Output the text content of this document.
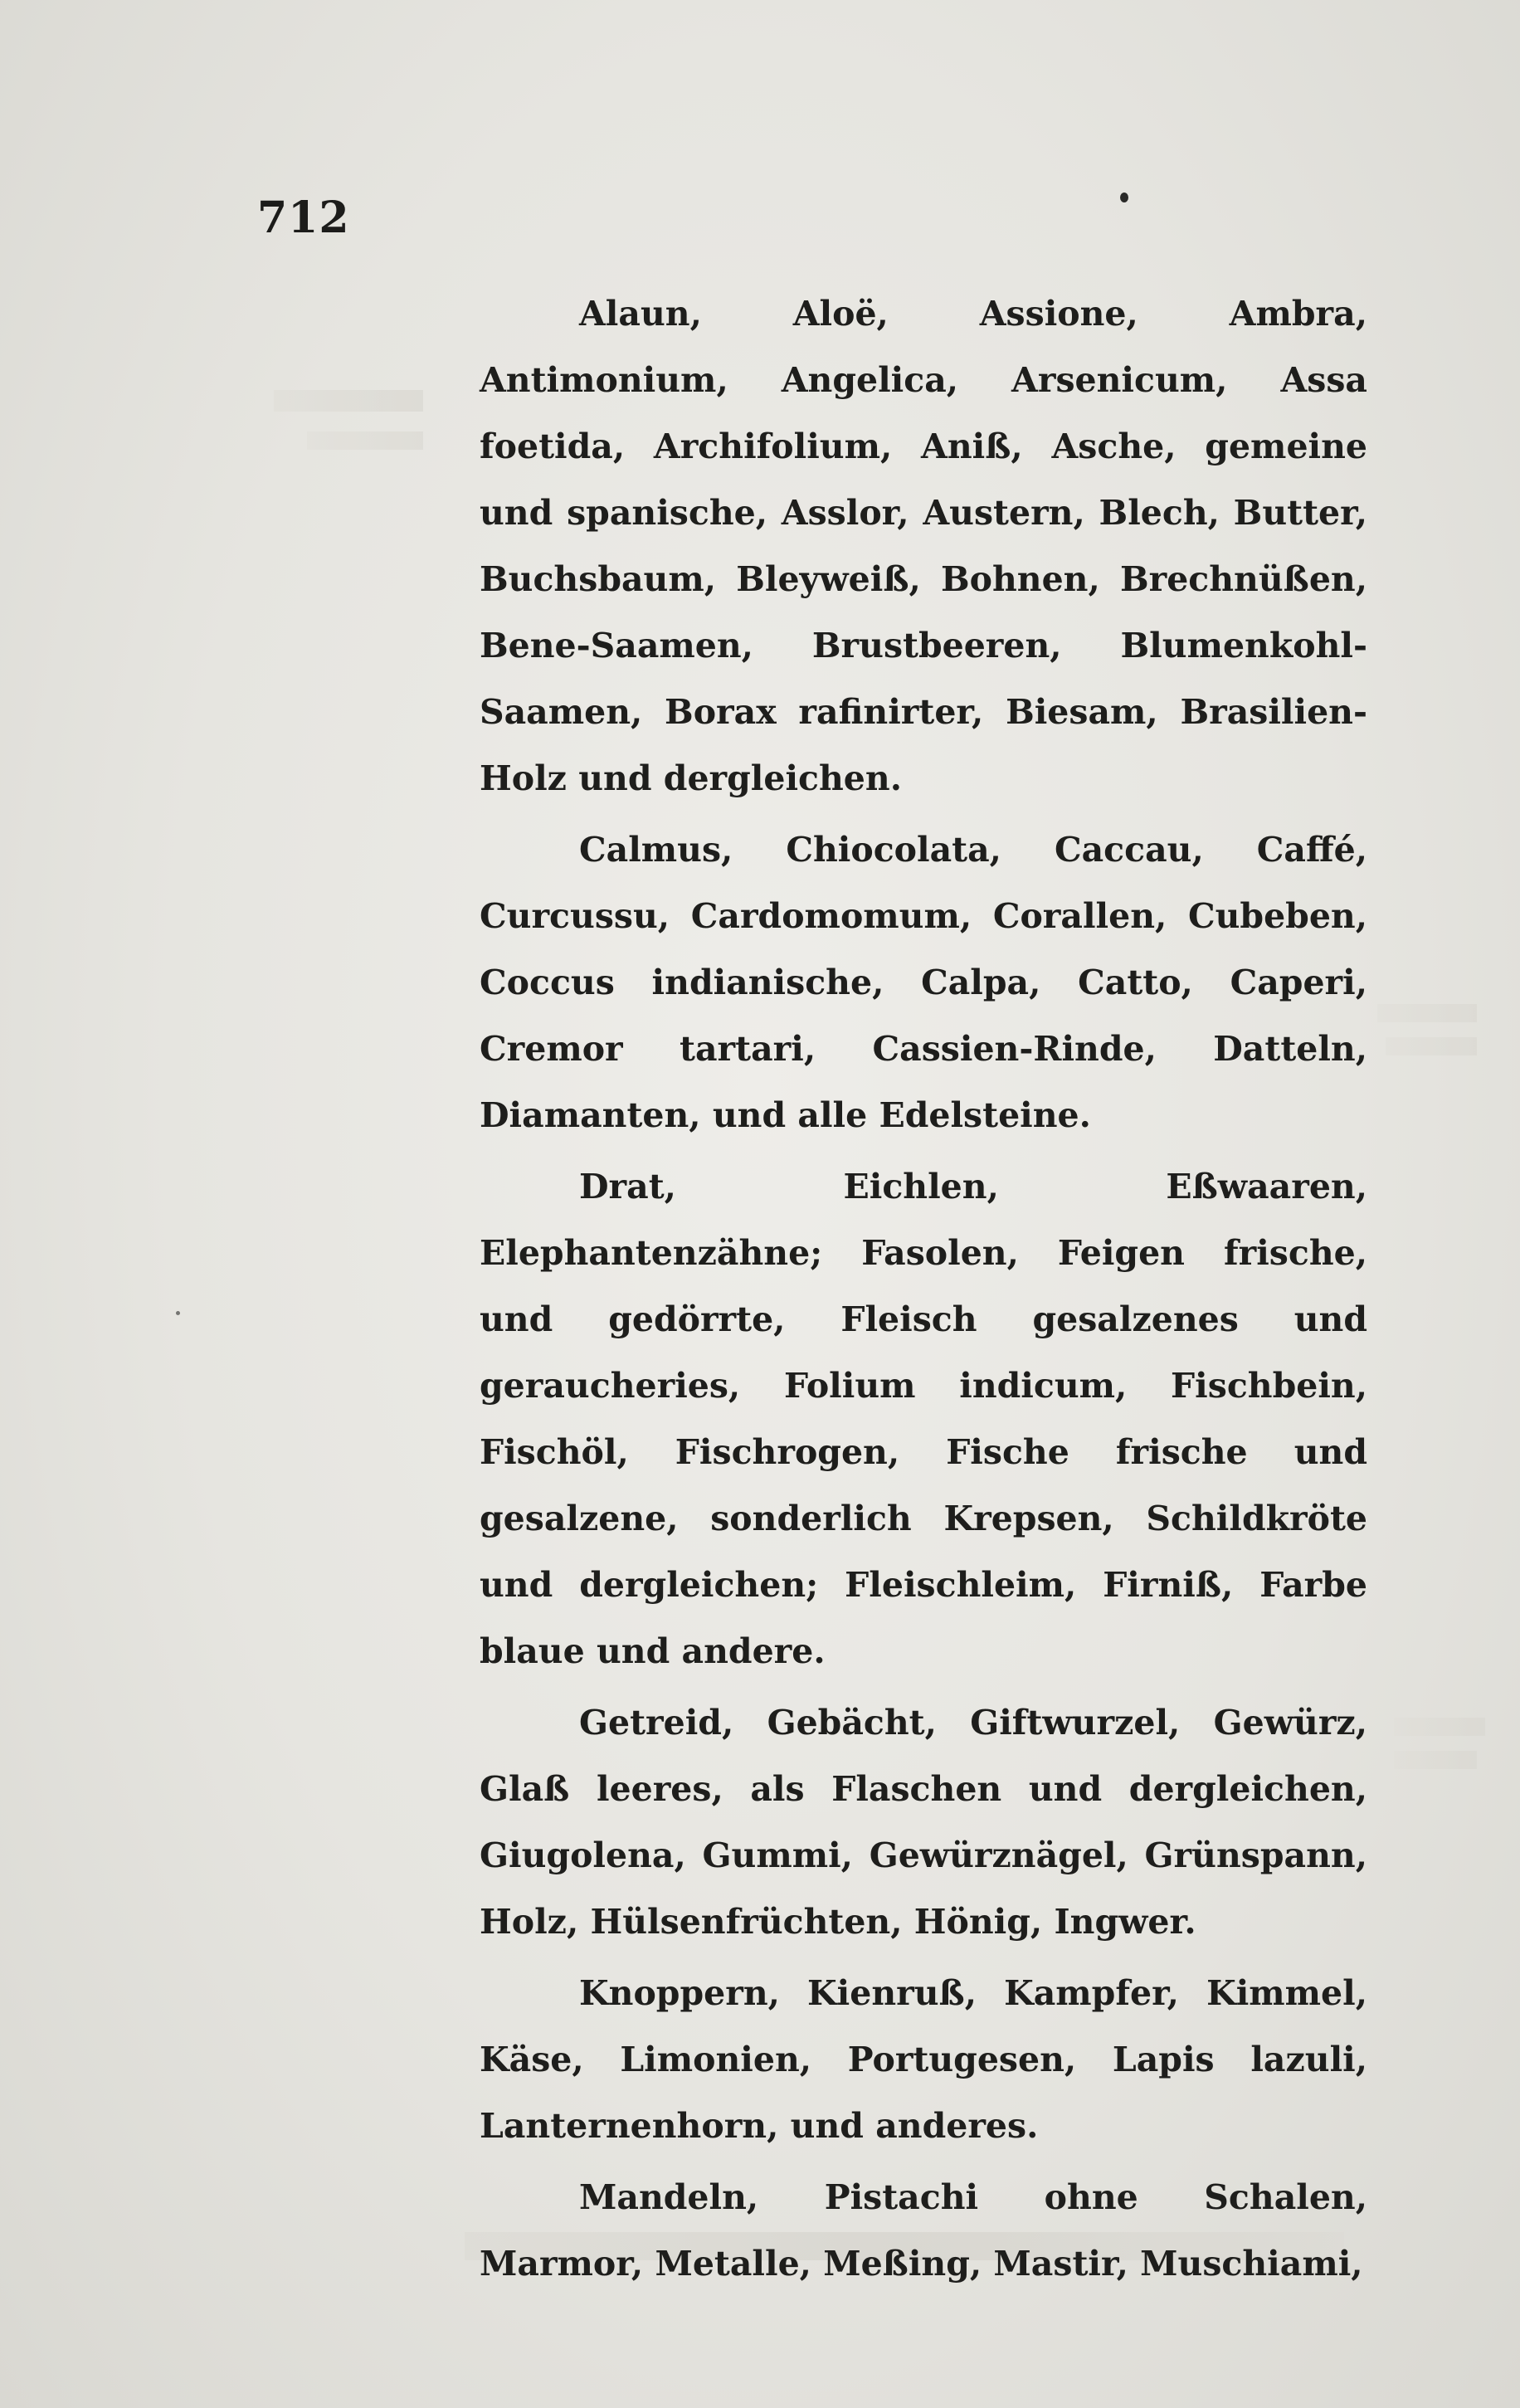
712

Alaun, Aloë, Assione, Ambra, Antimonium, Angelica, Arsenicum, Assa foetida, Archifolium, Aniß, Asche, gemeine und spanische, Asslor, Austern, Blech, Butter, Buchsbaum, Bleyweiß, Bohnen, Brechnüßen, Bene-Saamen, Brustbeeren, Blumenkohl-Saamen, Borax rafinirter, Biesam, Brasilien-Holz und dergleichen.

Calmus, Chiocolata, Caccau, Caffé, Curcussu, Cardomomum, Corallen, Cubeben, Coccus indianische, Calpa, Catto, Caperi, Cremor tartari, Cassien-Rinde, Datteln, Diamanten, und alle Edelsteine.

Drat, Eichlen, Eßwaaren, Elephantenzähne; Fasolen, Feigen frische, und gedörrte, Fleisch gesalzenes und geraucheries, Folium indicum, Fischbein, Fischöl, Fischrogen, Fische frische und gesalzene, sonderlich Krepsen, Schildkröte und dergleichen; Fleischleim, Firniß, Farbe blaue und andere.

Getreid, Gebächt, Giftwurzel, Gewürz, Glaß leeres, als Flaschen und dergleichen, Giugolena, Gummi, Gewürznägel, Grünspann, Holz, Hülsenfrüchten, Hönig, Ingwer.

Knoppern, Kienruß, Kampfer, Kimmel, Käse, Limonien, Portugesen, Lapis lazuli, Lanternenhorn, und anderes.

Mandeln, Pistachi ohne Schalen, Marmor, Metalle, Meßing, Mastir, Muschiami,
